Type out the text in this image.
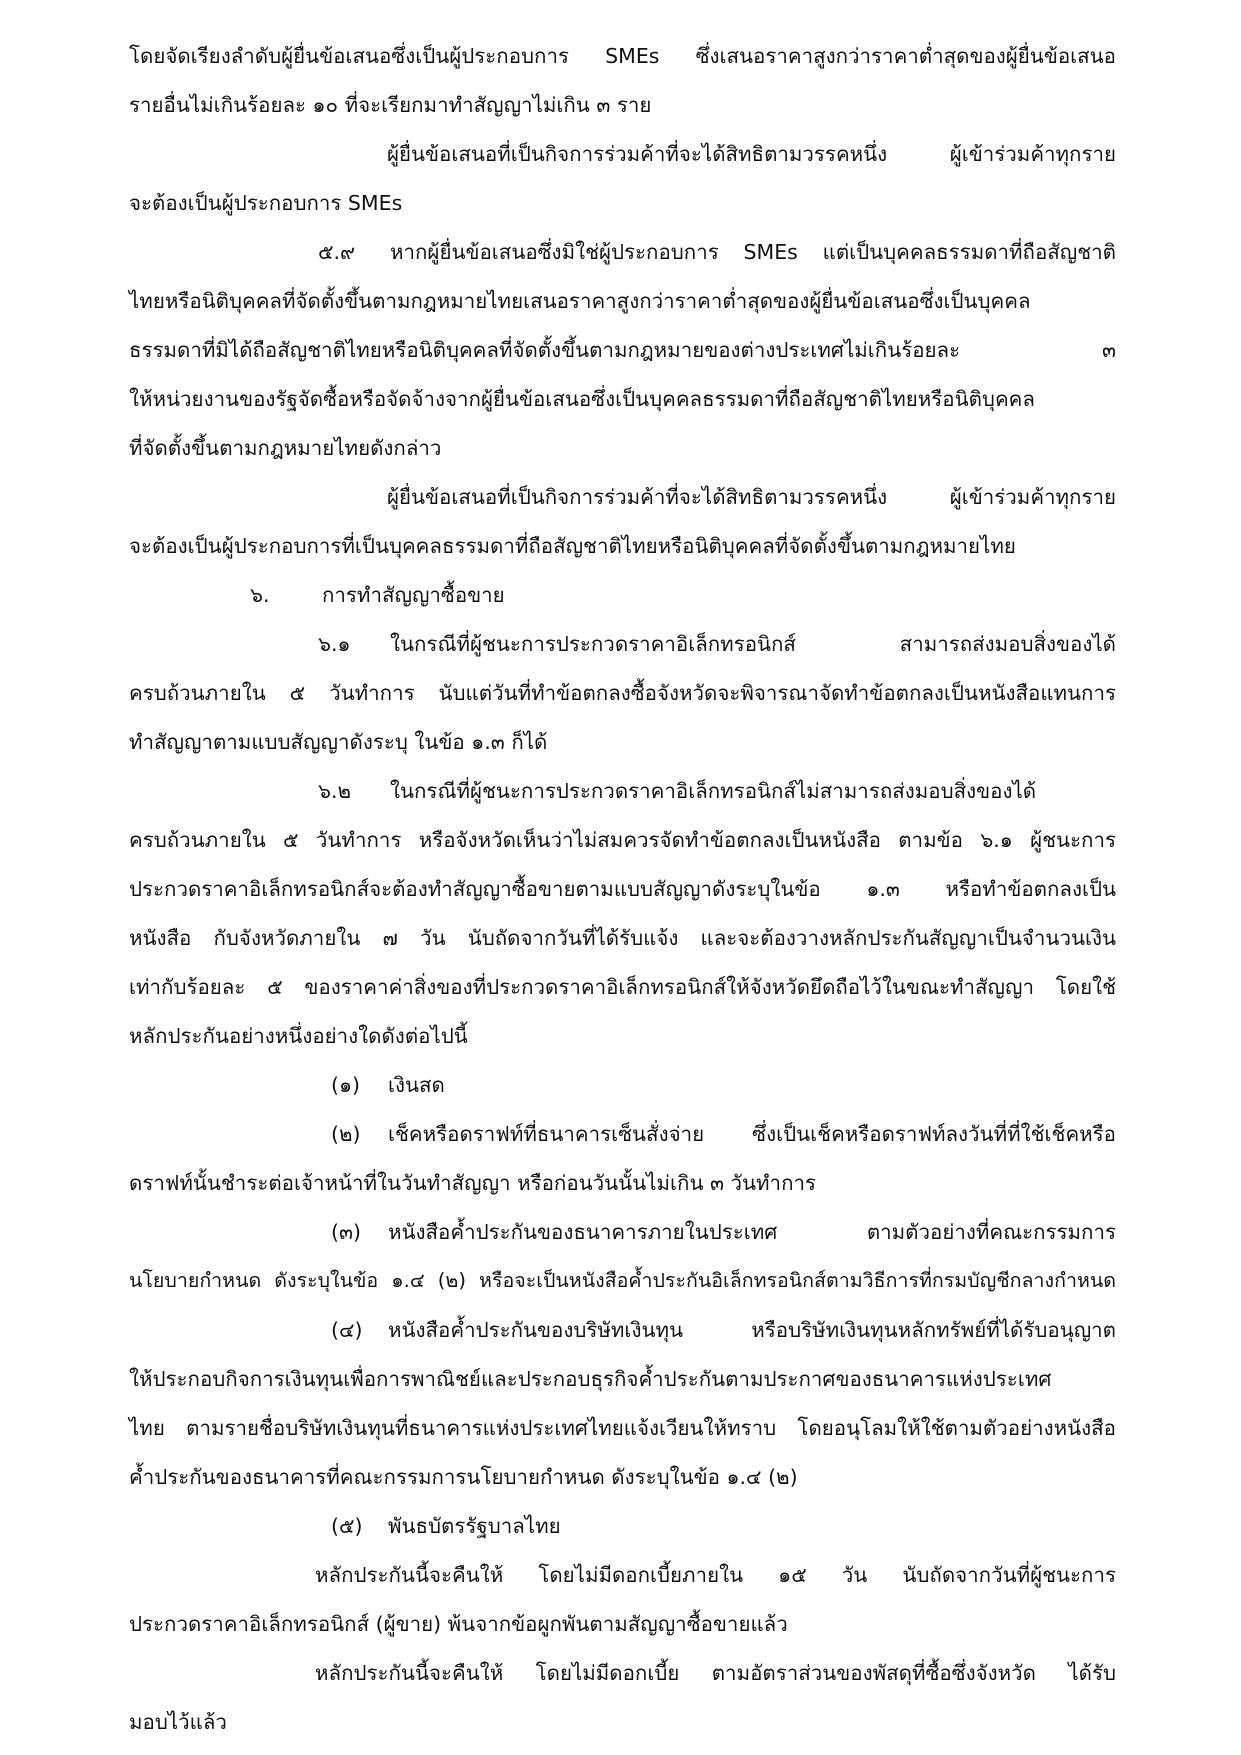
โดยจัดเรียงลำดับผู้ยื่นข้อเสนอซึ่งเป็นผู้ประกอบการ SMEs ซึ่งเสนอราคาสูงกว่าราคาต่ำสุดของผู้ยื่นข้อเสนอ

รายอื่นไม่เกินร้อยละ ๑๐ ที่จะเรียกมาทำสัญญาไม่เกิน ๓ ราย

ผู้ยื่นข้อเสนอที่เป็นกิจการร่วมค้าที่จะได้สิทธิตามวรรคหนึ่ง ผู้เข้าร่วมค้าทุกราย

จะต้องเป็นผู้ประกอบการ SMEs

๕.๙ หากผู้ยื่นข้อเสนอซึ่งมิใช่ผู้ประกอบการ SMEs แต่เป็นบุคคลธรรมดาที่ถือสัญชาติ

ไทยหรือนิติบุคคลที่จัดตั้งขึ้นตามกฎหมายไทยเสนอราคาสูงกว่าราคาต่ำสุดของผู้ยื่นข้อเสนอซึ่งเป็นบุคคล

ธรรมดาที่มิได้ถือสัญชาติไทยหรือนิติบุคคลที่จัดตั้งขึ้นตามกฎหมายของต่างประเทศไม่เกินร้อยละ ๓

ให้หน่วยงานของรัฐจัดซื้อหรือจัดจ้างจากผู้ยื่นข้อเสนอซึ่งเป็นบุคคลธรรมดาที่ถือสัญชาติไทยหรือนิติบุคคล

ที่จัดตั้งขึ้นตามกฎหมายไทยดังกล่าว

ผู้ยื่นข้อเสนอที่เป็นกิจการร่วมค้าที่จะได้สิทธิตามวรรคหนึ่ง ผู้เข้าร่วมค้าทุกราย

จะต้องเป็นผู้ประกอบการที่เป็นบุคคลธรรมดาที่ถือสัญชาติไทยหรือนิติบุคคลที่จัดตั้งขึ้นตามกฎหมายไทย

๖.	การทำสัญญาซื้อขาย

๖.๑ ในกรณีที่ผู้ชนะการประกวดราคาอิเล็กทรอนิกส์ สามารถส่งมอบสิ่งของได้

ครบถ้วนภายใน ๕ วันทำการ นับแต่วันที่ทำข้อตกลงซื้อจังหวัดจะพิจารณาจัดทำข้อตกลงเป็นหนังสือแทนการ

ทำสัญญาตามแบบสัญญาดังระบุ ในข้อ ๑.๓ ก็ได้

๖.๒ ในกรณีที่ผู้ชนะการประกวดราคาอิเล็กทรอนิกส์ไม่สามารถส่งมอบสิ่งของได้

ครบถ้วนภายใน ๕ วันทำการ หรือจังหวัดเห็นว่าไม่สมควรจัดทำข้อตกลงเป็นหนังสือ ตามข้อ ๖.๑ ผู้ชนะการ

ประกวดราคาอิเล็กทรอนิกส์จะต้องทำสัญญาซื้อขายตามแบบสัญญาดังระบุในข้อ ๑.๓ หรือทำข้อตกลงเป็น

หนังสือ กับจังหวัดภายใน ๗ วัน นับถัดจากวันที่ได้รับแจ้ง และจะต้องวางหลักประกันสัญญาเป็นจำนวนเงิน

เท่ากับร้อยละ ๕ ของราคาค่าสิ่งของที่ประกวดราคาอิเล็กทรอนิกส์ให้จังหวัดยึดถือไว้ในขณะทำสัญญา โดยใช้

หลักประกันอย่างหนึ่งอย่างใดดังต่อไปนี้

(๑) เงินสด

(๒) เช็คหรือดราฟท์ที่ธนาคารเซ็นสั่งจ่าย ซึ่งเป็นเช็คหรือดราฟท์ลงวันที่ที่ใช้เช็คหรือ

ดราฟท์นั้นชำระต่อเจ้าหน้าที่ในวันทำสัญญา หรือก่อนวันนั้นไม่เกิน ๓ วันทำการ

(๓) หนังสือค้ำประกันของธนาคารภายในประเทศ ตามตัวอย่างที่คณะกรรมการ

นโยบายกำหนด ดังระบุในข้อ ๑.๔ (๒) หรือจะเป็นหนังสือค้ำประกันอิเล็กทรอนิกส์ตามวิธีการที่กรมบัญชีกลางกำหนด

(๔) หนังสือค้ำประกันของบริษัทเงินทุน หรือบริษัทเงินทุนหลักทรัพย์ที่ได้รับอนุญาต

ให้ประกอบกิจการเงินทุนเพื่อการพาณิชย์และประกอบธุรกิจค้ำประกันตามประกาศของธนาคารแห่งประเทศ

ไทย ตามรายชื่อบริษัทเงินทุนที่ธนาคารแห่งประเทศไทยแจ้งเวียนให้ทราบ โดยอนุโลมให้ใช้ตามตัวอย่างหนังสือ

ค้ำประกันของธนาคารที่คณะกรรมการนโยบายกำหนด ดังระบุในข้อ ๑.๔ (๒)

(๕) พันธบัตรรัฐบาลไทย

หลักประกันนี้จะคืนให้ โดยไม่มีดอกเบี้ยภายใน ๑๕ วัน นับถัดจากวันที่ผู้ชนะการ

ประกวดราคาอิเล็กทรอนิกส์ (ผู้ขาย) พ้นจากข้อผูกพันตามสัญญาซื้อขายแล้ว

หลักประกันนี้จะคืนให้ โดยไม่มีดอกเบี้ย ตามอัตราส่วนของพัสดุที่ซื้อซึ่งจังหวัด ได้รับ

มอบไว้แล้ว
